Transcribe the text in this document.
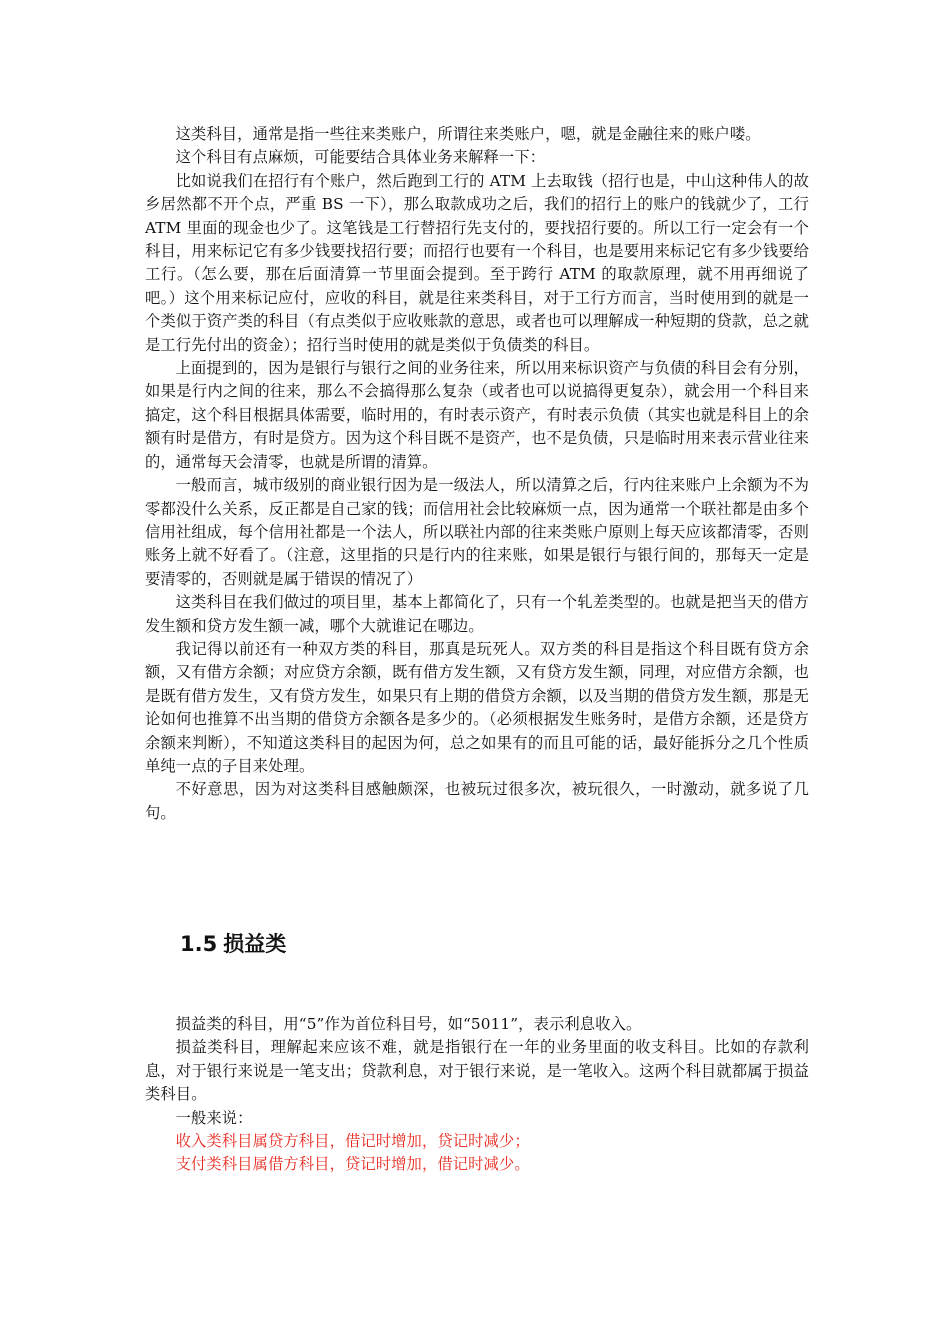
这类科目，通常是指一些往来类账户，所谓往来类账户，嗯，就是金融往来的账户喽。

这个科目有点麻烦，可能要结合具体业务来解释一下：

比如说我们在招行有个账户，然后跑到工行的 ATM 上去取钱（招行也是，中山这种伟人的故乡居然都不开个点，严重 BS 一下），那么取款成功之后，我们的招行上的账户的钱就少了，工行 ATM 里面的现金也少了。这笔钱是工行替招行先支付的，要找招行要的。所以工行一定会有一个科目，用来标记它有多少钱要找招行要；而招行也要有一个科目，也是要用来标记它有多少钱要给工行。（怎么要，那在后面清算一节里面会提到。至于跨行 ATM 的取款原理，就不用再细说了吧。）这个用来标记应付，应收的科目，就是往来类科目，对于工行方而言，当时使用到的就是一个类似于资产类的科目（有点类似于应收账款的意思，或者也可以理解成一种短期的贷款，总之就是工行先付出的资金）；招行当时使用的就是类似于负债类的科目。

上面提到的，因为是银行与银行之间的业务往来，所以用来标识资产与负债的科目会有分别，如果是行内之间的往来，那么不会搞得那么复杂（或者也可以说搞得更复杂），就会用一个科目来搞定，这个科目根据具体需要，临时用的，有时表示资产，有时表示负债（其实也就是科目上的余额有时是借方，有时是贷方。因为这个科目既不是资产，也不是负债，只是临时用来表示营业往来的，通常每天会清零，也就是所谓的清算。

一般而言，城市级别的商业银行因为是一级法人，所以清算之后，行内往来账户上余额为不为零都没什么关系，反正都是自己家的钱；而信用社会比较麻烦一点，因为通常一个联社都是由多个信用社组成，每个信用社都是一个法人，所以联社内部的往来类账户原则上每天应该都清零，否则账务上就不好看了。（注意，这里指的只是行内的往来账，如果是银行与银行间的，那每天一定是要清零的，否则就是属于错误的情况了）

这类科目在我们做过的项目里，基本上都简化了，只有一个轧差类型的。也就是把当天的借方发生额和贷方发生额一减，哪个大就谁记在哪边。

我记得以前还有一种双方类的科目，那真是玩死人。双方类的科目是指这个科目既有贷方余额，又有借方余额；对应贷方余额，既有借方发生额，又有贷方发生额，同理，对应借方余额，也是既有借方发生，又有贷方发生，如果只有上期的借贷方余额，以及当期的借贷方发生额，那是无论如何也推算不出当期的借贷方余额各是多少的。（必须根据发生账务时，是借方余额，还是贷方余额来判断），不知道这类科目的起因为何，总之如果有的而且可能的话，最好能拆分之几个性质单纯一点的子目来处理。

不好意思，因为对这类科目感触颇深，也被玩过很多次，被玩很久，一时激动，就多说了几句。

1.5 损益类

损益类的科目，用“5”作为首位科目号，如“5011”，表示利息收入。

损益类科目，理解起来应该不难，就是指银行在一年的业务里面的收支科目。比如的存款利息，对于银行来说是一笔支出；贷款利息，对于银行来说，是一笔收入。这两个科目就都属于损益类科目。

一般来说：

收入类科目属贷方科目，借记时增加，贷记时减少；

支付类科目属借方科目，贷记时增加，借记时减少。
